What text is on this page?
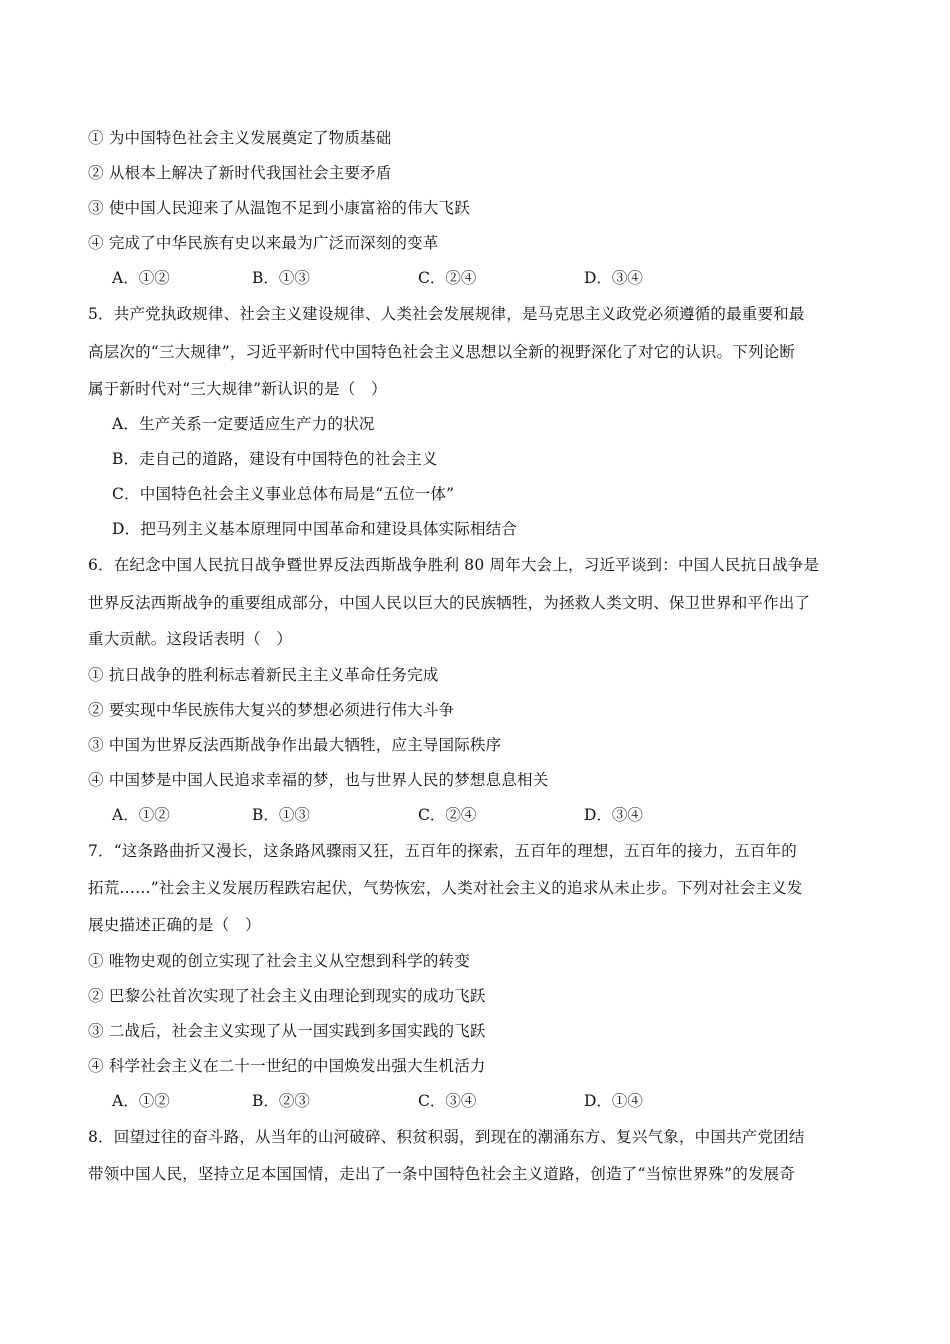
① 为中国特色社会主义发展奠定了物质基础
② 从根本上解决了新时代我国社会主要矛盾
③ 使中国人民迎来了从温饱不足到小康富裕的伟大飞跃
④ 完成了中华民族有史以来最为广泛而深刻的变革
A．①②	B．①③	C．②④	D．③④
5．共产党执政规律、社会主义建设规律、人类社会发展规律，是马克思主义政党必须遵循的最重要和最
高层次的“三大规律”，习近平新时代中国特色社会主义思想以全新的视野深化了对它的认识。下列论断
属于新时代对“三大规律”新认识的是（　）
A．生产关系一定要适应生产力的状况
B．走自己的道路，建设有中国特色的社会主义
C．中国特色社会主义事业总体布局是“五位一体”
D．把马列主义基本原理同中国革命和建设具体实际相结合
6．在纪念中国人民抗日战争暨世界反法西斯战争胜利 80 周年大会上，习近平谈到：中国人民抗日战争是
世界反法西斯战争的重要组成部分，中国人民以巨大的民族牺牲，为拯救人类文明、保卫世界和平作出了
重大贡献。这段话表明（　）
① 抗日战争的胜利标志着新民主主义革命任务完成
② 要实现中华民族伟大复兴的梦想必须进行伟大斗争
③ 中国为世界反法西斯战争作出最大牺牲，应主导国际秩序
④ 中国梦是中国人民追求幸福的梦，也与世界人民的梦想息息相关
A．①②	B．①③	C．②④	D．③④
7．“这条路曲折又漫长，这条路风骤雨又狂，五百年的探索，五百年的理想，五百年的接力，五百年的
拓荒……”社会主义发展历程跌宕起伏，气势恢宏，人类对社会主义的追求从未止步。下列对社会主义发
展史描述正确的是（　）
① 唯物史观的创立实现了社会主义从空想到科学的转变
② 巴黎公社首次实现了社会主义由理论到现实的成功飞跃
③ 二战后，社会主义实现了从一国实践到多国实践的飞跃
④ 科学社会主义在二十一世纪的中国焕发出强大生机活力
A．①②	B．②③	C．③④	D．①④
8．回望过往的奋斗路，从当年的山河破碎、积贫积弱，到现在的潮涌东方、复兴气象，中国共产党团结
带领中国人民，坚持立足本国国情，走出了一条中国特色社会主义道路，创造了“当惊世界殊”的发展奇
